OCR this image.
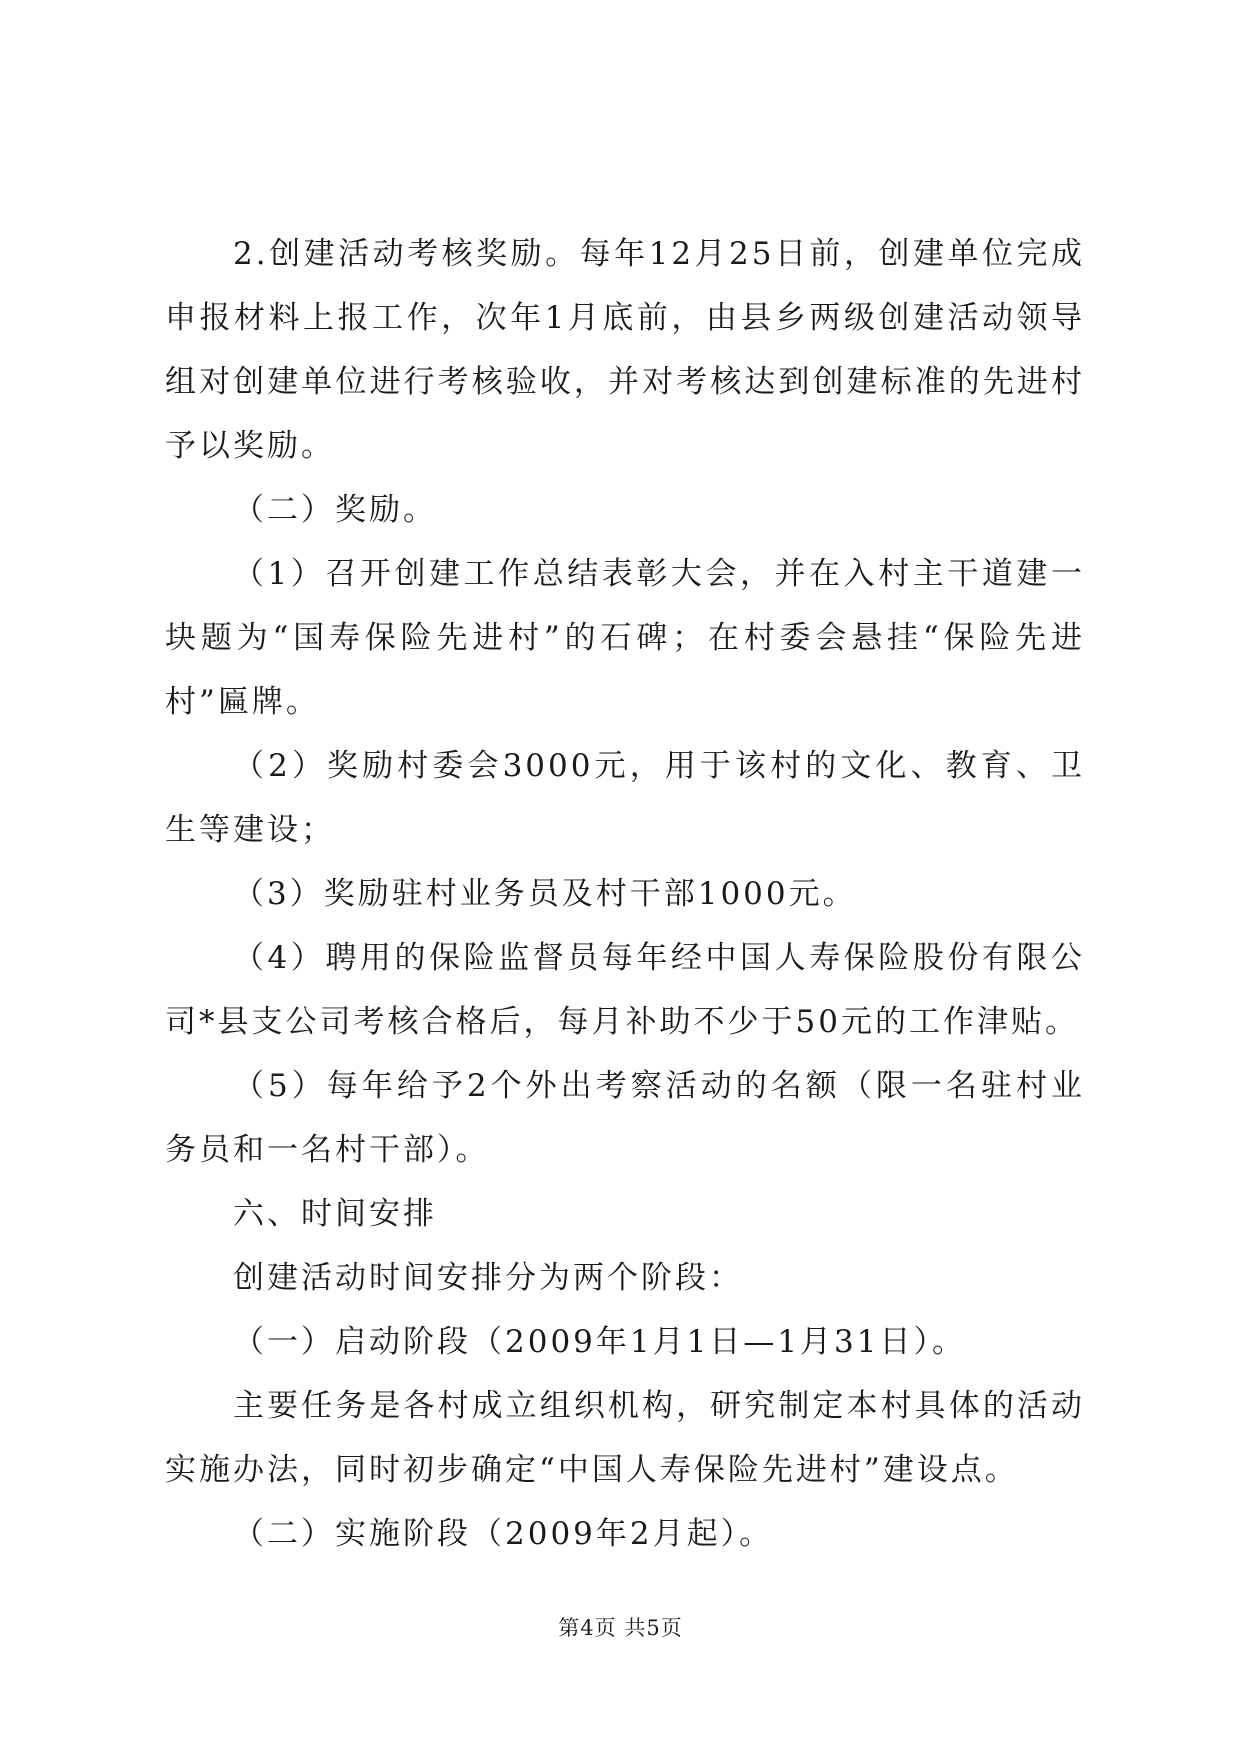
2.创建活动考核奖励。每年12月25日前，创建单位完成申报材料上报工作，次年1月底前，由县乡两级创建活动领导组对创建单位进行考核验收，并对考核达到创建标准的先进村予以奖励。

（二）奖励。

（1）召开创建工作总结表彰大会，并在入村主干道建一块题为“国寿保险先进村”的石碑；在村委会悬挂“保险先进村”匾牌。

（2）奖励村委会3000元，用于该村的文化、教育、卫生等建设；

（3）奖励驻村业务员及村干部1000元。

（4）聘用的保险监督员每年经中国人寿保险股份有限公司*县支公司考核合格后，每月补助不少于50元的工作津贴。

（5）每年给予2个外出考察活动的名额（限一名驻村业务员和一名村干部）。

六、时间安排

创建活动时间安排分为两个阶段：

（一）启动阶段（2009年1月1日—1月31日）。

主要任务是各村成立组织机构，研究制定本村具体的活动实施办法，同时初步确定“中国人寿保险先进村”建设点。

（二）实施阶段（2009年2月起）。

第4页 共5页
